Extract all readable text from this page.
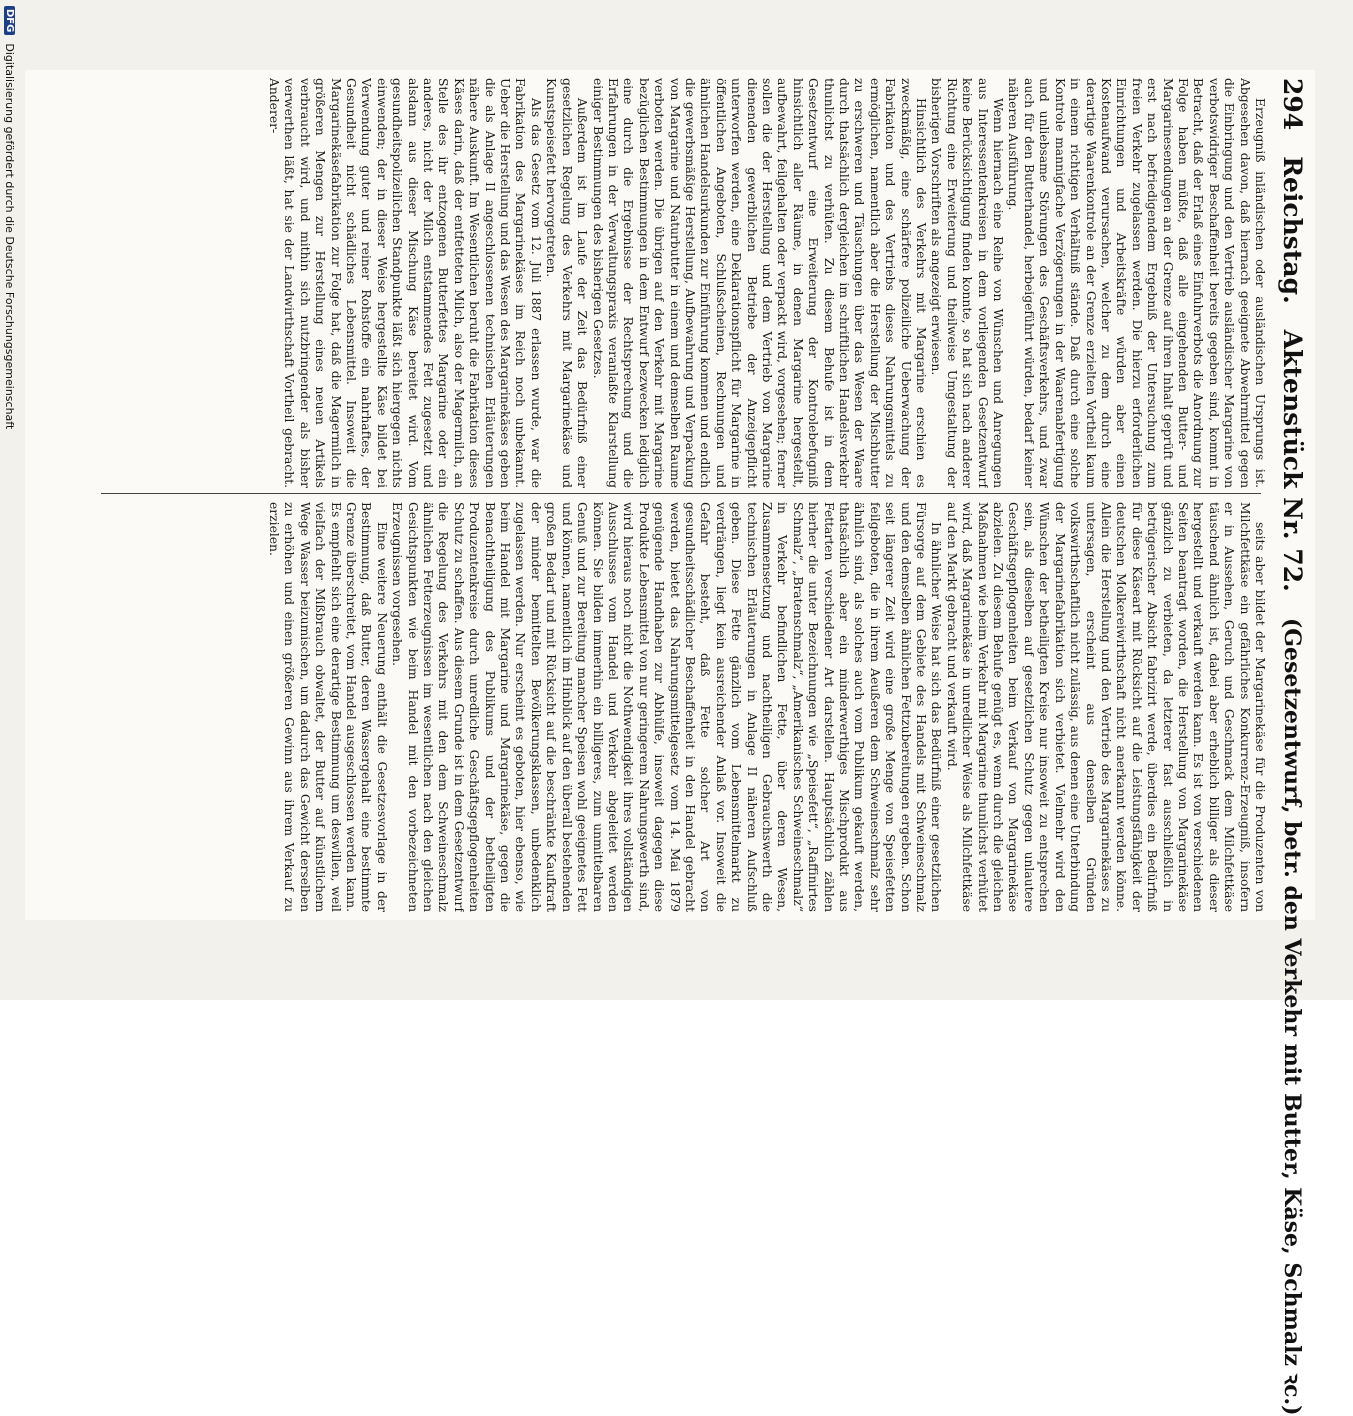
294
Reichstag.
Aktenstück Nr. 72.
(Gesetzentwurf, betr. den Verkehr mit Butter, Käse, Schmalz ꝛc.)

Erzeugniß inländischen oder ausländischen Ursprungs ist. Abgesehen davon, daß hiernach geeignete Abwehrmittel gegen die Einbringung und den Vertrieb ausländischer Margarine von verbotswidriger Beschaffenheit bereits gegeben sind, kommt in Betracht, daß der Erlaß eines Einfuhrverbots die Anordnung zur Folge haben müßte, daß alle eingehenden Butter- und Margarinesendungen an der Grenze auf ihren Inhalt geprüft und erst nach befriedigendem Ergebniß der Untersuchung zum freien Verkehr zugelassen werden. Die hierzu erforderlichen Einrichtungen und Arbeitskräfte würden aber einen Kostenaufwand verursachen, welcher zu dem durch eine derartige Waarenkontrole an der Grenze erzielten Vortheil kaum in einem richtigen Verhältniß stände. Daß durch eine solche Kontrole mannigfache Verzögerungen in der Waarenabfertigung und unliebsame Störungen des Geschäftsverkehrs, und zwar auch für den Butterhandel, herbeigeführt würden, bedarf keiner näheren Ausführung.

Wenn hiernach eine Reihe von Wünschen und Anregungen aus Interessentenkreisen in dem vorliegenden Gesetzentwurf keine Berücksichtigung finden konnte, so hat sich nach anderer Richtung eine Erweiterung und theilweise Umgestaltung der bisherigen Vorschriften als angezeigt erwiesen.

Hinsichtlich des Verkehrs mit Margarine erschien es zweckmäßig, eine schärfere polizeiliche Ueberwachung der Fabrikation und des Vertriebs dieses Nahrungsmittels zu ermöglichen, namentlich aber die Herstellung der Mischbutter zu erschweren und Täuschungen über das Wesen der Waare durch thatsächlich dergleichen im schriftlichen Handelsverkehr thunlichst zu verhüten. Zu diesem Behufe ist in dem Gesetzentwurf eine Erweiterung der Kontrolebefugniß hinsichtlich aller Räume, in denen Margarine hergestellt, aufbewahrt, feilgehalten oder verpackt wird, vorgesehen; ferner sollen die der Herstellung und dem Vertrieb von Margarine dienenden gewerblichen Betriebe der Anzeigepflicht unterworfen werden, eine Deklarationspflicht für Margarine in öffentlichen Angeboten, Schlußscheinen, Rechnungen und ähnlichen Handelsurkunden zur Einführung kommen und endlich die gewerbsmäßige Herstellung, Aufbewahrung und Verpackung von Margarine und Naturbutter in einem und demselben Raume verboten werden. Die übrigen auf den Verkehr mit Margarine bezüglichen Bestimmungen in dem Entwurf bezwecken lediglich eine durch die Ergebnisse der Rechtsprechung und die Erfahrungen in der Verwaltungspraxis veranlaßte Klarstellung einiger Bestimmungen des bisherigen Gesetzes.

Außerdem ist im Laufe der Zeit das Bedürfniß einer gesetzlichen Regelung des Verkehrs mit Margarinekäse und Kunstspeisefett hervorgetreten.

Als das Gesetz vom 12. Juli 1887 erlassen wurde, war die Fabrikation des Margarinekäses im Reich noch unbekannt. Ueber die Herstellung und das Wesen des Margarinekäses geben die als Anlage II angeschlossenen technischen Erläuterungen nähere Auskunft. Im Wesentlichen beruht die Fabrikation dieses Käses darin, daß der entfetteten Milch, also der Magermilch, an Stelle des ihr entzogenen Butterfettes Margarine oder ein anderes, nicht der Milch entstammendes Fett zugesetzt und alsdann aus dieser Mischung Käse bereitet wird. Vom gesundheitspolizeilichen Standpunkte läßt sich hiergegen nichts einwenden; der in dieser Weise hergestellte Käse bildet bei Verwendung guter und reiner Rohstoffe ein nahrhaftes, der Gesundheit nicht schädliches Lebensmittel. Insoweit die Margarinekäsefabrikation zur Folge hat, daß die Magermilch in größeren Mengen zur Herstellung eines neuen Artikels verbraucht wird, und mithin sich nutzbringender als bisher verwerthen läßt, hat sie der Landwirthschaft Vortheil gebracht. Anderer-

seits aber bildet der Margarinekäse für die Produzenten von Milchfettkäse ein gefährliches Konkurrenz-Erzeugniß, insofern er in Aussehen, Geruch und Geschmack dem Milchfettkäse täuschend ähnlich ist, dabei aber erheblich billiger als dieser hergestellt und verkauft werden kann. Es ist von verschiedenen Seiten beantragt worden, die Herstellung von Margarinekäse gänzlich zu verbieten, da letzterer fast ausschließlich in betrügerischer Absicht fabrizirt werde, überdies ein Bedürfniß für diese Käseart mit Rücksicht auf die Leistungsfähigkeit der deutschen Molkereiwirthschaft nicht anerkannt werden könne. Allein die Herstellung und den Vertrieb des Margarinekäses zu untersagen, erscheint aus denselben Gründen volkswirthschaftlich nicht zulässig, aus denen eine Unterbindung der Margarinefabrikation sich verbietet. Vielmehr wird den Wünschen der betheiligten Kreise nur insoweit zu entsprechen sein, als dieselben auf gesetzlichen Schutz gegen unlautere Geschäftsgepflogenheiten beim Verkauf von Margarinekäse abzielen. Zu diesem Behufe genügt es, wenn durch die gleichen Maßnahmen wie beim Verkehr mit Margarine thunlichst verhütet wird, daß Margarinekäse in unredlicher Weise als Milchfettkäse auf den Markt gebracht und verkauft wird.

In ähnlicher Weise hat sich das Bedürfniß einer gesetzlichen Fürsorge auf dem Gebiete des Handels mit Schweineschmalz und den demselben ähnlichen Fettzubereitungen ergeben. Schon seit längerer Zeit wird eine große Menge von Speisefetten feilgeboten, die in ihrem Aeußeren dem Schweineschmalz sehr ähnlich sind, als solches auch vom Publikum gekauft werden, thatsächlich aber ein minderwerthiges Mischprodukt aus Fettarten verschiedener Art darstellen. Hauptsächlich zählen hierher die unter Bezeichnungen wie „Speisefett“, „Raffinirtes Schmalz“, „Bratenschmalz“, „Amerikanisches Schweineschmalz“ in Verkehr befindlichen Fette, über deren Wesen, Zusammensetzung und nachtheiligen Gebrauchswerth die technischen Erläuterungen in Anlage II näheren Aufschluß geben. Diese Fette gänzlich vom Lebensmittelmarkt zu verdrängen, liegt kein ausreichender Anlaß vor. Insoweit die Gefahr besteht, daß Fette solcher Art von gesundheitsschädlicher Beschaffenheit in den Handel gebracht werden, bietet das Nahrungsmittelgesetz vom 14. Mai 1879 genügende Handhaben zur Abhülfe, insoweit dagegen diese Produkte Lebensmittel von nur geringerem Nahrungswerth sind, wird hieraus noch nicht die Nothwendigkeit ihres vollständigen Ausschlusses vom Handel und Verkehr abgeleitet werden können. Sie bilden immerhin ein billigeres, zum unmittelbaren Genuß und zur Bereitung mancher Speisen wohl geeignetes Fett und können, namentlich im Hinblick auf den überall bestehenden großen Bedarf und mit Rücksicht auf die beschränkte Kaufkraft der minder bemittelten Bevölkerungsklassen, unbedenklich zugelassen werden. Nur erscheint es geboten, hier ebenso, wie beim Handel mit Margarine und Margarinekäse, gegen die Benachtheiligung des Publikums und der betheiligten Produzentenkreise durch unredliche Geschäftsgepflogenheiten Schutz zu schaffen. Aus diesem Grunde ist in dem Gesetzentwurf die Regelung des Verkehrs mit den dem Schweineschmalz ähnlichen Fetterzeugnissen im wesentlichen nach den gleichen Gesichtspunkten wie beim Handel mit den vorbezeichneten Erzeugnissen vorgesehen.

Eine weitere Neuerung enthält die Gesetzesvorlage in der Bestimmung, daß Butter, deren Wassergehalt eine bestimmte Grenze überschreitet, vom Handel ausgeschlossen werden kann. Es empfiehlt sich eine derartige Bestimmung um deswillen, weil vielfach der Mißbrauch obwaltet, der Butter auf künstlichem Wege Wasser beizumischen, um dadurch das Gewicht derselben zu erhöhen und einen größeren Gewinn aus ihrem Verkauf zu erzielen.

DFG
Digitalisierung gefördert durch die Deutsche Forschungsgemeinschaft
